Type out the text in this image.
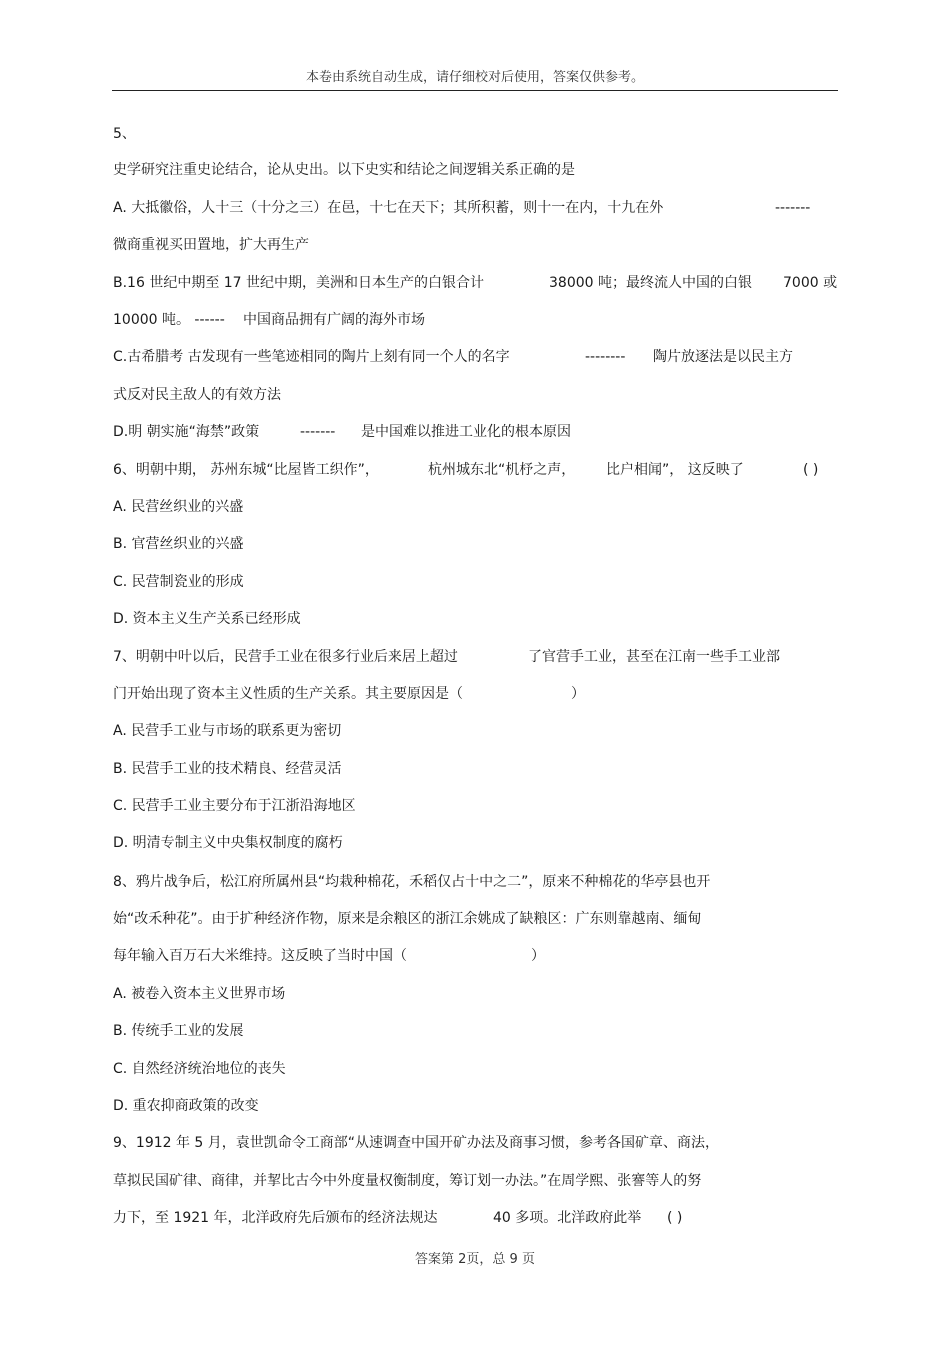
本卷由系统自动生成，请仔细校对后使用，答案仅供参考。
5、
史学研究注重史论结合，论从史出。以下史实和结论之间逻辑关系正确的是
A. 大抵徽俗，人十三（十分之三）在邑，十七在天下；其所积蓄，则十一在内，十九在外	-------
微商重视买田置地，扩大再生产
B.16 世纪中期至 17 世纪中期，美洲和日本生产的白银合计	38000 吨；最终流人中国的白银 7000 或
10000 吨。 ------ 中国商品拥有广阔的海外市场
C.古希腊考 古发现有一些笔迹相同的陶片上刻有同一个人的名字	-------- 陶片放逐法是以民主方
式反对民主敌人的有效方法
D.明 朝实施“海禁”政策	------- 是中国难以推进工业化的根本原因
6、明朝中期， 苏州东城“比屋皆工织作”，	杭州城东北“机杼之声， 比户相闻”， 这反映了	( )
A. 民营丝织业的兴盛
B. 官营丝织业的兴盛
C. 民营制瓷业的形成
D. 资本主义生产关系已经形成
7、明朝中叶以后，民营手工业在很多行业后来居上超过	了官营手工业，甚至在江南一些手工业部
门开始出现了资本主义性质的生产关系。其主要原因是（	）
A. 民营手工业与市场的联系更为密切
B. 民营手工业的技术精良、经营灵活
C. 民营手工业主要分布于江浙沿海地区
D. 明清专制主义中央集权制度的腐朽
8、鸦片战争后，松江府所属州县“均栽种棉花，禾稻仅占十中之二”，原来不种棉花的华亭县也开
始“改禾种花”。由于扩种经济作物，原来是余粮区的浙江余姚成了缺粮区：广东则靠越南、缅甸
每年输入百万石大米维持。这反映了当时中国（	）
A. 被卷入资本主义世界市场
B. 传统手工业的发展
C. 自然经济统治地位的丧失
D. 重农抑商政策的改变
9、1912 年 5 月，袁世凯命令工商部“从速调查中国开矿办法及商事习惯，参考各国矿章、商法，
草拟民国矿律、商律，并挈比古今中外度量权衡制度，筹订划一办法。”在周学熙、张謇等人的努
力下，至 1921 年，北洋政府先后颁布的经济法规达	40 多项。北洋政府此举 ( )
答案第 2页，总 9 页
